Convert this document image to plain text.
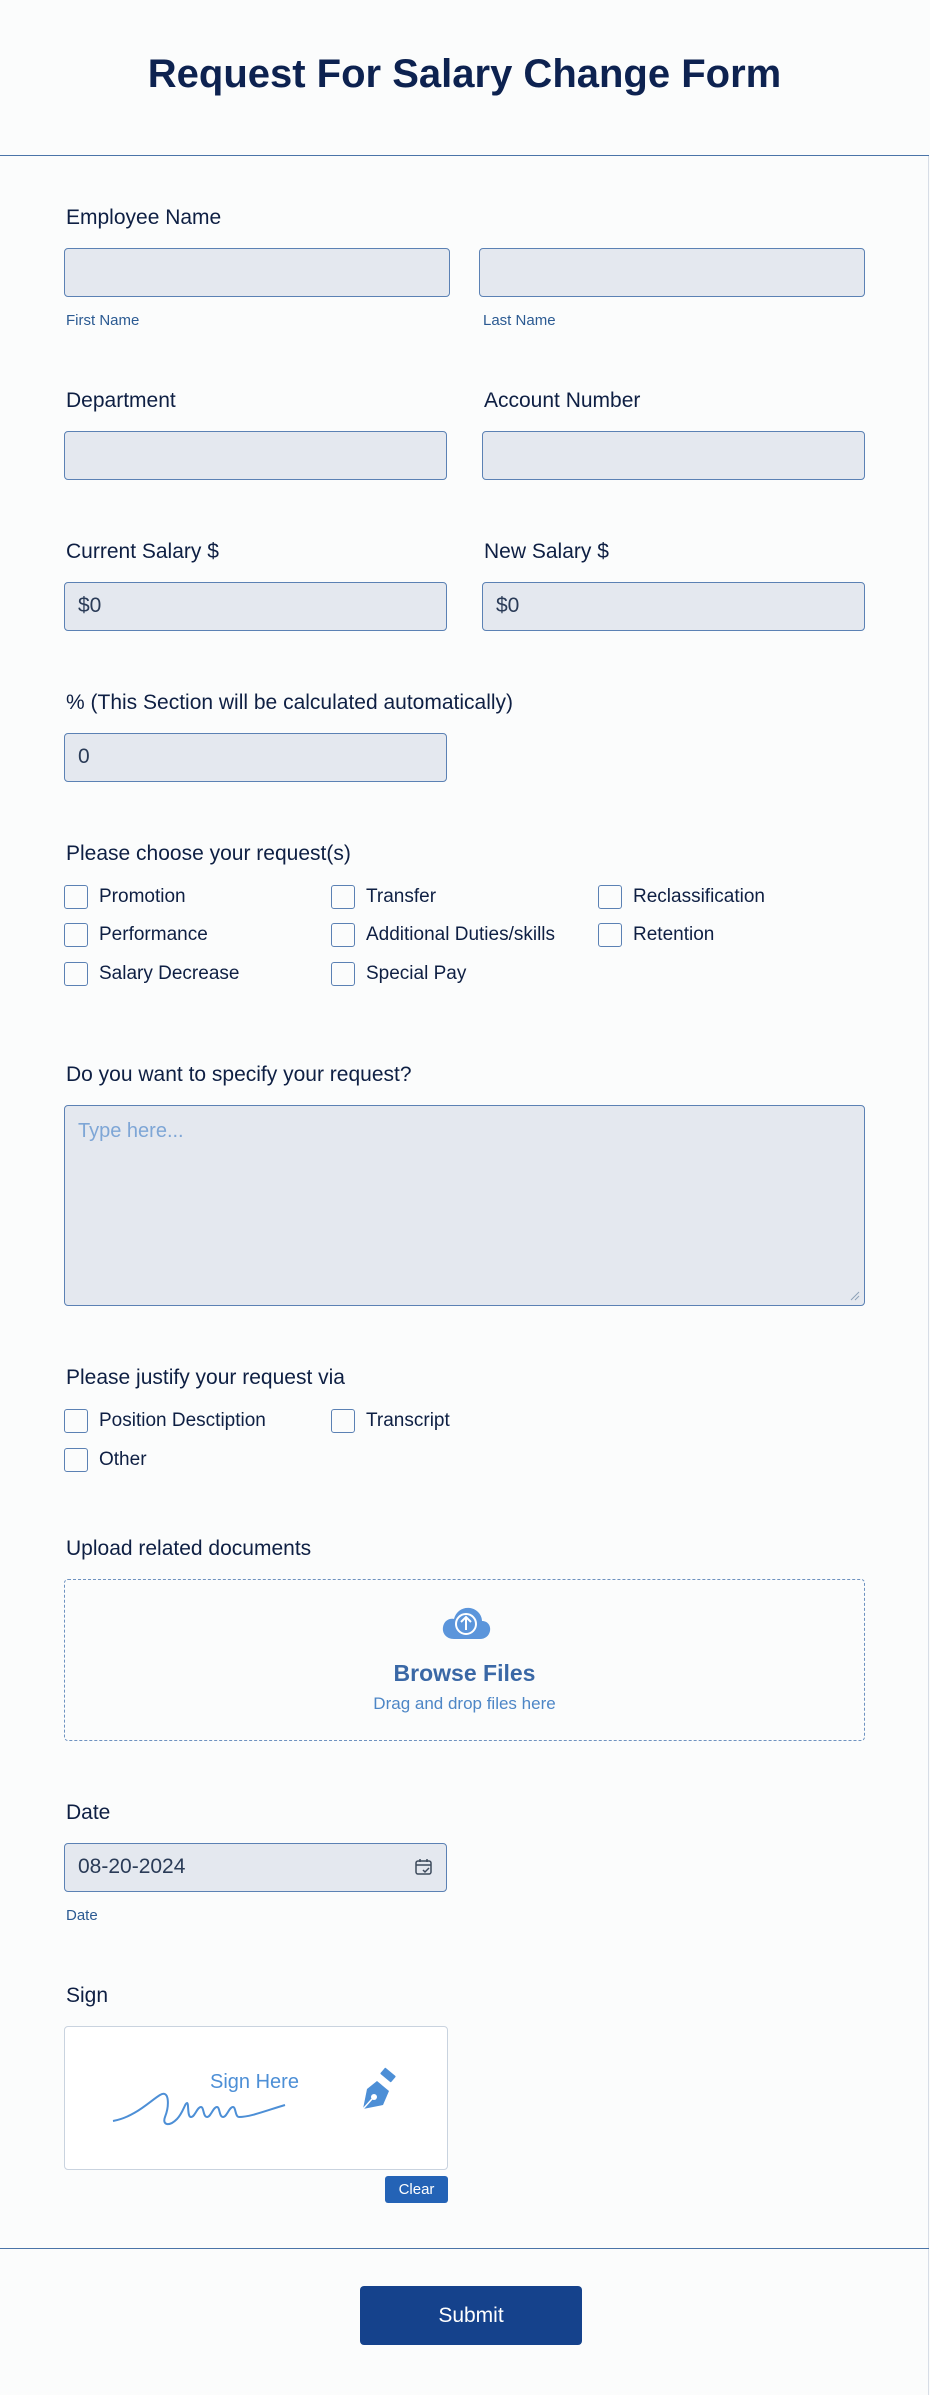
Request For Salary Change Form
Employee Name
First Name	Last Name
Department	Account Number
Current Salary $
$0
New Salary $
$0
% (This Section will be calculated automatically)
0
Please choose your request(s)
Promotion	Transfer	Reclassification
Performance	Additional Duties/skills	Retention
Salary Decrease	Special Pay
Do you want to specify your request?
Type here...
Please justify your request via
Position Desctiption	Transcript
Other
Upload related documents
Browse Files
Drag and drop files here
Date
08-20-2024
Date
Sign
Sign Here
Clear
Submit
